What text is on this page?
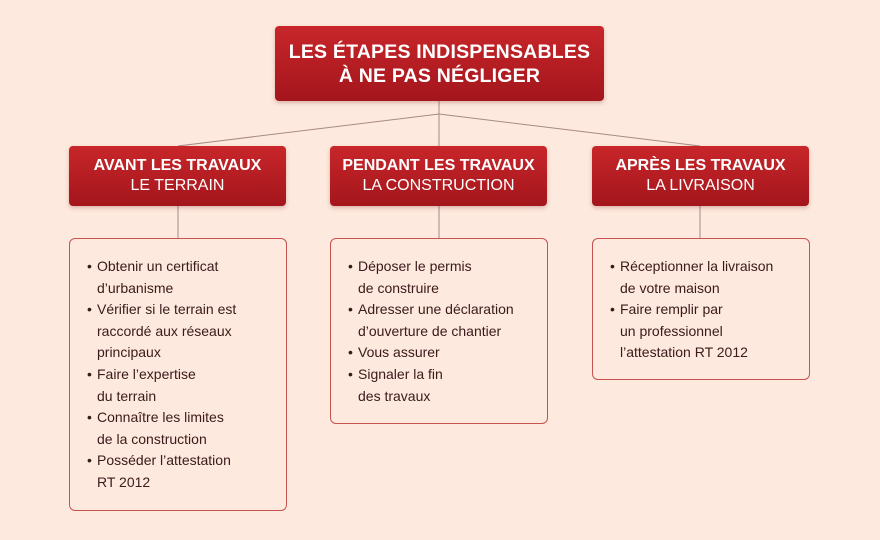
LES ÉTAPES INDISPENSABLES
À NE PAS NÉGLIGER
AVANT LES TRAVAUX
LE TERRAIN
PENDANT LES TRAVAUX
LA CONSTRUCTION
APRÈS LES TRAVAUX
LA LIVRAISON
• Obtenir un certificat
d’urbanisme
• Vérifier si le terrain est
raccordé aux réseaux
principaux
• Faire l’expertise
du terrain
• Connaître les limites
de la construction
• Posséder l’attestation
RT 2012
• Déposer le permis
de construire
• Adresser une déclaration
d’ouverture de chantier
• Vous assurer
• Signaler la fin
des travaux
• Réceptionner la livraison
de votre maison
• Faire remplir par
un professionnel
l’attestation RT 2012
